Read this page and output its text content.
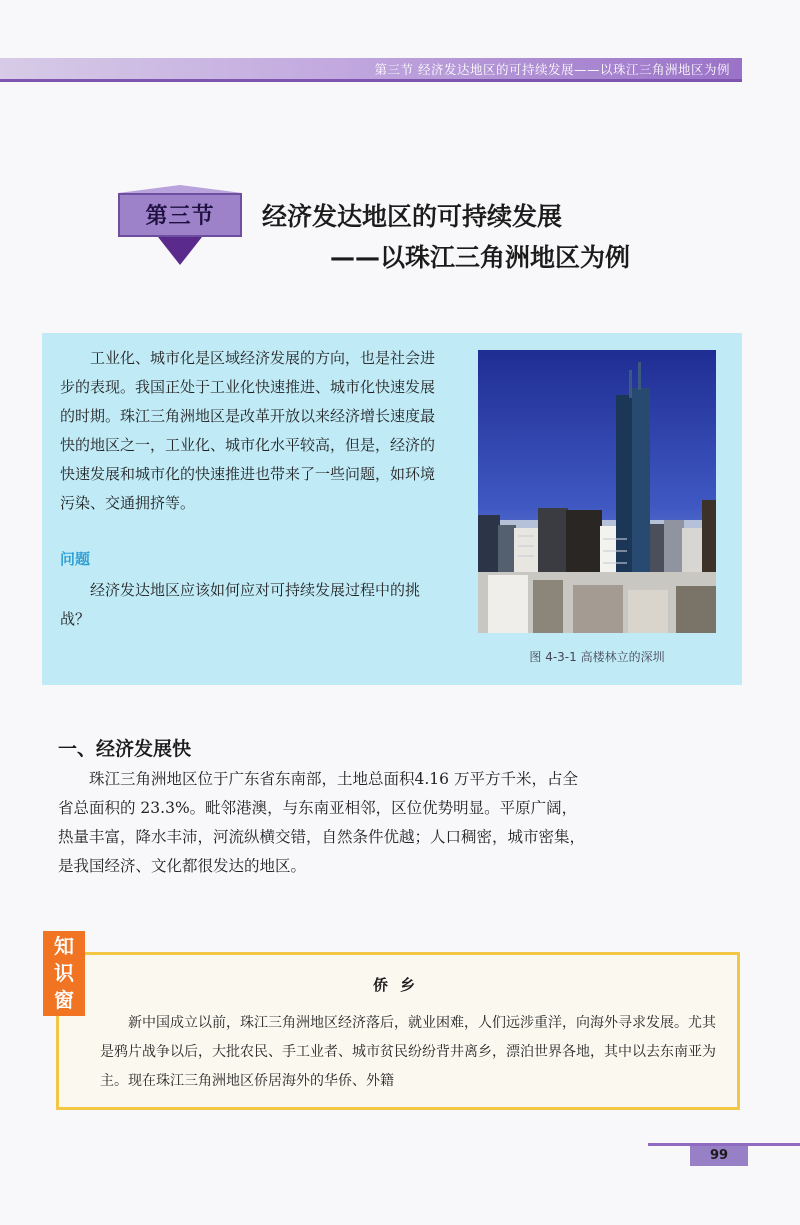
第三节 经济发达地区的可持续发展——以珠江三角洲地区为例
第三节	经济发达地区的可持续发展
——以珠江三角洲地区为例

工业化、城市化是区域经济发展的方向，也是社会进步的表现。我国正处于工业化快速推进、城市化快速发展的时期。珠江三角洲地区是改革开放以来经济增长速度最快的地区之一，工业化、城市化水平较高，但是，经济的快速发展和城市化的快速推进也带来了一些问题，如环境污染、交通拥挤等。

问题

经济发达地区应该如何应对可持续发展过程中的挑战？

图 4-3-1 高楼林立的深圳
一、经济发展快

珠江三角洲地区位于广东省东南部，土地总面积4.16 万平方千米，占全省总面积的 23.3%。毗邻港澳，与东南亚相邻，区位优势明显。平原广阔，热量丰富，降水丰沛，河流纵横交错，自然条件优越；人口稠密，城市密集，是我国经济、文化都很发达的地区。

知
识
窗
侨乡

新中国成立以前，珠江三角洲地区经济落后，就业困难，人们远涉重洋，向海外寻求发展。尤其是鸦片战争以后，大批农民、手工业者、城市贫民纷纷背井离乡，漂泊世界各地，其中以去东南亚为主。现在珠江三角洲地区侨居海外的华侨、外籍

99
